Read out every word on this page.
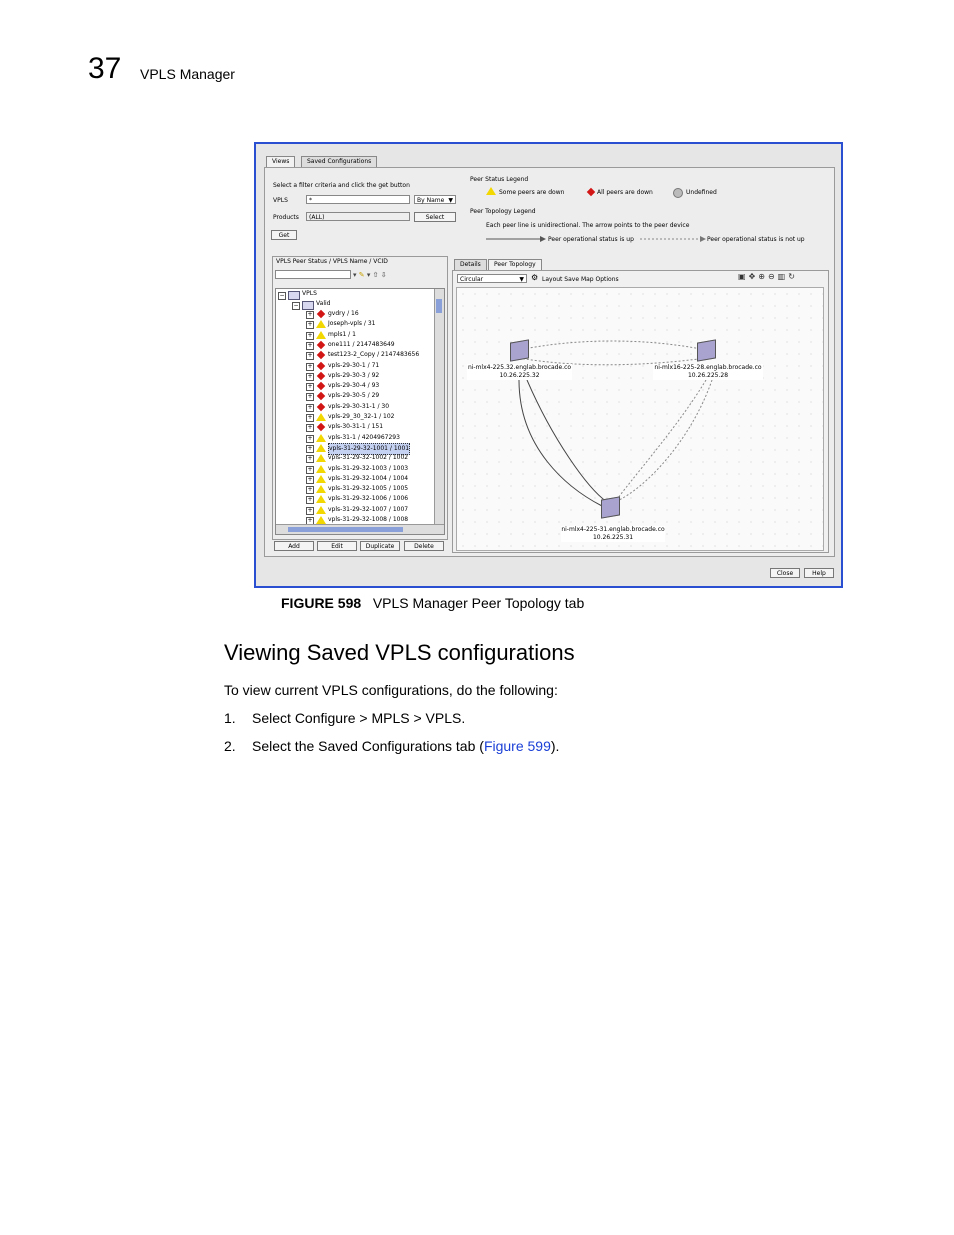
37 VPLS Manager
Views	Saved Configurations
Select a filter criteria and click the get button
VPLS	*	By Name ▼
Products	(ALL)	Select
Get
Peer Status Legend
Some peers are down	All peers are down	Undefined
Peer Topology Legend
Each peer line is unidirectional. The arrow points to the peer device
Peer operational status is up	Peer operational status is not up
VPLS Peer Status / VPLS Name / VCID
▾ ✎ ▾ ⇧ ⇩
−	VPLS
−	Valid
+	gvdry / 16
+	Joseph-vpls / 31
+	mpls1 / 1
+	one111 / 2147483649
+	test123-2_Copy / 2147483656
+	vpls-29-30-1 / 71
+	vpls-29-30-3 / 92
+	vpls-29-30-4 / 93
+	vpls-29-30-5 / 29
+	vpls-29-30-31-1 / 30
+	vpls-29_30_32-1 / 102
+	vpls-30-31-1 / 151
+	vpls-31-1 / 4204967293
+	vpls-31-29-32-1001 / 1001
+	vpls-31-29-32-1002 / 1002
+	vpls-31-29-32-1003 / 1003
+	vpls-31-29-32-1004 / 1004
+	vpls-31-29-32-1005 / 1005
+	vpls-31-29-32-1006 / 1006
+	vpls-31-29-32-1007 / 1007
+	vpls-31-29-32-1008 / 1008
Add	Edit	Duplicate	Delete
Details	Peer Topology
Circular	▼ ⚙ Layout Save Map Options	▣✥⊕⊖▥↻
ni-mlx4-225.32.englab.brocade.co
10.26.225.32
ni-mlx16-225-28.englab.brocade.co
10.26.225.28
ni-mlx4-225-31.englab.brocade.co
10.26.225.31
Close	Help
FIGURE 598 VPLS Manager Peer Topology tab
Viewing Saved VPLS configurations
To view current VPLS configurations, do the following:
1. Select Configure > MPLS > VPLS.
2. Select the Saved Configurations tab (Figure 599).
